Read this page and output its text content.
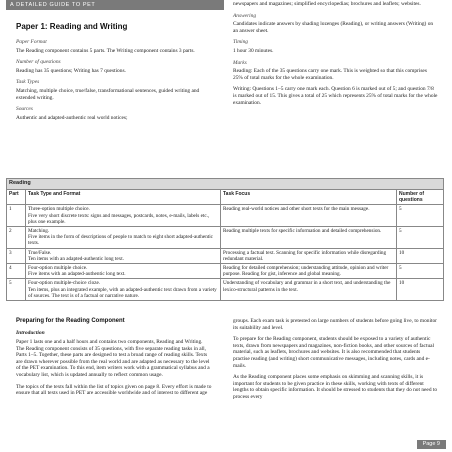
A DETAILED GUIDE TO PET
Paper 1: Reading and Writing

Paper Format

The Reading component contains 5 parts. The Writing component contains 3 parts.

Number of questions

Reading has 35 questions; Writing has 7 questions.

Task Types

Matching, multiple choice, true/false, transformational sentences, guided writing and extended writing.

Sources

Authentic and adapted-authentic real world notices;

newspapers and magazines; simplified encyclopedias; brochures and leaflets; websites.

Answering

Candidates indicate answers by shading lozenges (Reading), or writing answers (Writing) on an answer sheet.

Timing

1 hour 30 minutes.

Marks

Reading: Each of the 35 questions carry one mark. This is weighted so that this comprises 25% of total marks for the whole examination.

Writing: Questions 1–5 carry one mark each. Question 6 is marked out of 5; and question 7/8 is marked out of 15. This gives a total of 25 which represents 25% of total marks for the whole examination.

Reading			
Part	Task Type and Format	Task Focus	Number of questions
1	Three-option multiple choice.
Five very short discrete texts: signs and messages, postcards, notes, e-mails, labels etc., plus one example.	Reading real-world notices and other short texts for the main message.	5
2	Matching.
Five items in the form of descriptions of people to match to eight short adapted-authentic texts.	Reading multiple texts for specific information and detailed comprehension.	5
3	True/False.
Ten items with an adapted-authentic long text.	Processing a factual text. Scanning for specific information while disregarding redundant material.	10
4	Four-option multiple choice.
Five items with an adapted-authentic long text.	Reading for detailed comprehension; understanding attitude, opinion and writer purpose. Reading for gist, inference and global meaning.	5
5	Four-option multiple-choice cloze.
Ten items, plus an integrated example, with an adapted-authentic text drawn from a variety of sources. The text is of a factual or narrative nature.	Understanding of vocabulary and grammar in a short text, and understanding the lexico-structural patterns in the text.	10
Preparing for the Reading Component
Introduction

Paper 1 lasts one and a half hours and contains two components, Reading and Writing. The Reading component consists of 35 questions, with five separate reading tasks in all, Parts 1–5. Together, these parts are designed to test a broad range of reading skills. Texts are drawn wherever possible from the real world and are adapted as necessary to the level of the PET examination. To this end, item writers work with a grammatical syllabus and a vocabulary list, which is updated annually to reflect common usage.

The topics of the texts fall within the list of topics given on page 8. Every effort is made to ensure that all texts used in PET are accessible worldwide and of interest to different age

groups. Each exam task is pretested on large numbers of students before going live, to monitor its suitability and level.

To prepare for the Reading component, students should be exposed to a variety of authentic texts, drawn from newspapers and magazines, non-fiction books, and other sources of factual material, such as leaflets, brochures and websites. It is also recommended that students practise reading (and writing) short communicative messages, including notes, cards and e-mails.

As the Reading component places some emphasis on skimming and scanning skills, it is important for students to be given practice in these skills, working with texts of different lengths to obtain specific information. It should be stressed to students that they do not need to process every

Page 9
